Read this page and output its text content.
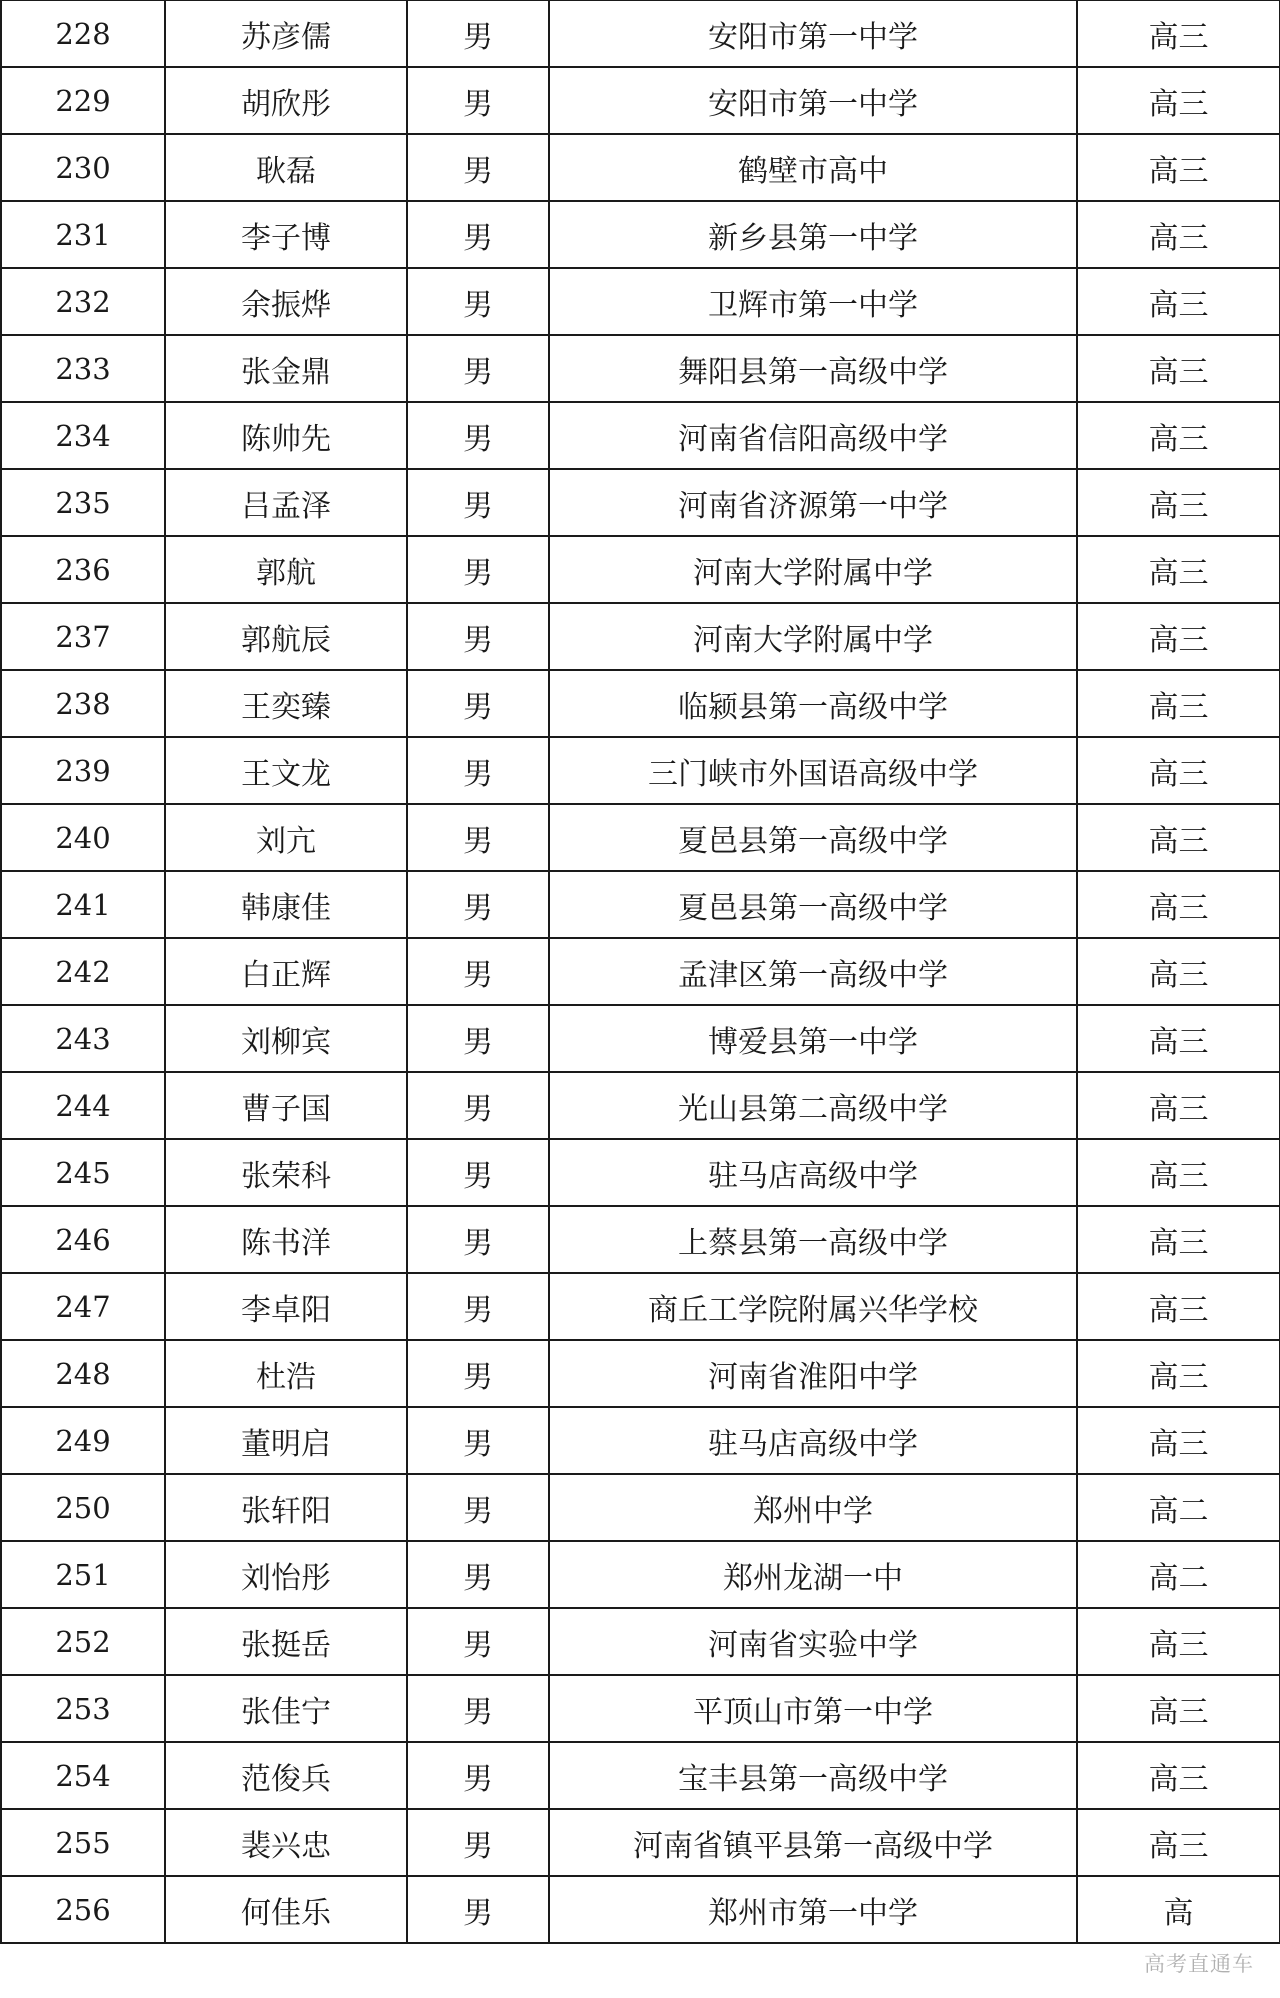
228	苏彦儒	男	安阳市第一中学	高三
229	胡欣彤	男	安阳市第一中学	高三
230	耿磊	男	鹤壁市高中	高三
231	李子博	男	新乡县第一中学	高三
232	余振烨	男	卫辉市第一中学	高三
233	张金鼎	男	舞阳县第一高级中学	高三
234	陈帅先	男	河南省信阳高级中学	高三
235	吕孟泽	男	河南省济源第一中学	高三
236	郭航	男	河南大学附属中学	高三
237	郭航辰	男	河南大学附属中学	高三
238	王奕臻	男	临颍县第一高级中学	高三
239	王文龙	男	三门峡市外国语高级中学	高三
240	刘亢	男	夏邑县第一高级中学	高三
241	韩康佳	男	夏邑县第一高级中学	高三
242	白正辉	男	孟津区第一高级中学	高三
243	刘柳宾	男	博爱县第一中学	高三
244	曹子国	男	光山县第二高级中学	高三
245	张荣科	男	驻马店高级中学	高三
246	陈书洋	男	上蔡县第一高级中学	高三
247	李卓阳	男	商丘工学院附属兴华学校	高三
248	杜浩	男	河南省淮阳中学	高三
249	董明启	男	驻马店高级中学	高三
250	张轩阳	男	郑州中学	高二
251	刘怡彤	男	郑州龙湖一中	高二
252	张挺岳	男	河南省实验中学	高三
253	张佳宁	男	平顶山市第一中学	高三
254	范俊兵	男	宝丰县第一高级中学	高三
255	裴兴忠	男	河南省镇平县第一高级中学	高三
256	何佳乐	男	郑州市第一中学	高
高考直通车
